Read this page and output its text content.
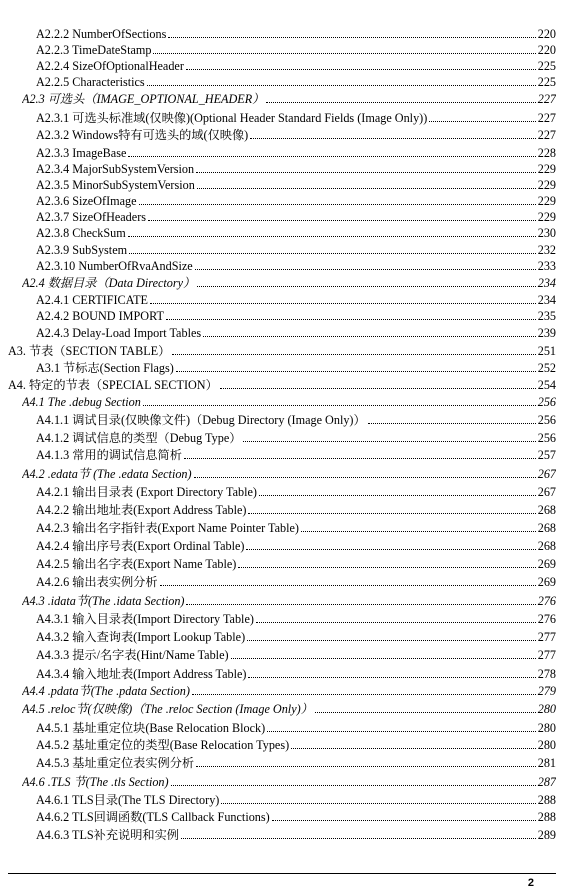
A2.2.2 NumberOfSections	220
A2.2.3 TimeDateStamp	220
A2.2.4 SizeOfOptionalHeader	225
A2.2.5 Characteristics	225
A2.3 可选头（IMAGE_OPTIONAL_HEADER）	227
A2.3.1 可选头标准域(仅映像)(Optional Header Standard Fields (Image Only))	227
A2.3.2 Windows特有可选头的域(仅映像)	227
A2.3.3 ImageBase	228
A2.3.4 MajorSubSystemVersion	229
A2.3.5 MinorSubSystemVersion	229
A2.3.6 SizeOfImage	229
A2.3.7 SizeOfHeaders	229
A2.3.8 CheckSum	230
A2.3.9 SubSystem	232
A2.3.10 NumberOfRvaAndSize	233
A2.4 数据目录（Data Directory）	234
A2.4.1 CERTIFICATE	234
A2.4.2 BOUND IMPORT	235
A2.4.3 Delay-Load Import Tables	239
A3. 节表（SECTION TABLE）	251
A3.1 节标志(Section Flags)	252
A4. 特定的节表（SPECIAL SECTION）	254
A4.1 The .debug Section	256
A4.1.1 调试目录(仅映像文件)（Debug Directory (Image Only)）	256
A4.1.2 调试信息的类型（Debug Type）	256
A4.1.3 常用的调试信息简析	257
A4.2 .edata节 (The .edata Section)	267
A4.2.1 输出目录表 (Export Directory Table)	267
A4.2.2 输出地址表(Export Address Table)	268
A4.2.3 输出名字指针表(Export Name Pointer Table)	268
A4.2.4 输出序号表(Export Ordinal Table)	268
A4.2.5 输出名字表(Export Name Table)	269
A4.2.6 输出表实例分析	269
A4.3 .idata节(The .idata Section)	276
A4.3.1 输入目录表(Import Directory Table)	276
A4.3.2 输入查询表(Import Lookup Table)	277
A4.3.3 提示/名字表(Hint/Name Table)	277
A4.3.4 输入地址表(Import Address Table)	278
A4.4 .pdata节(The .pdata Section)	279
A4.5 .reloc节(仅映像)（The .reloc Section (Image Only)）	280
A4.5.1 基址重定位块(Base Relocation Block)	280
A4.5.2 基址重定位的类型(Base Relocation Types)	280
A4.5.3 基址重定位表实例分析	281
A4.6 .TLS 节(The .tls Section)	287
A4.6.1 TLS目录(The TLS Directory)	288
A4.6.2 TLS回调函数(TLS Callback Functions)	288
A4.6.3 TLS补充说明和实例	289
2
